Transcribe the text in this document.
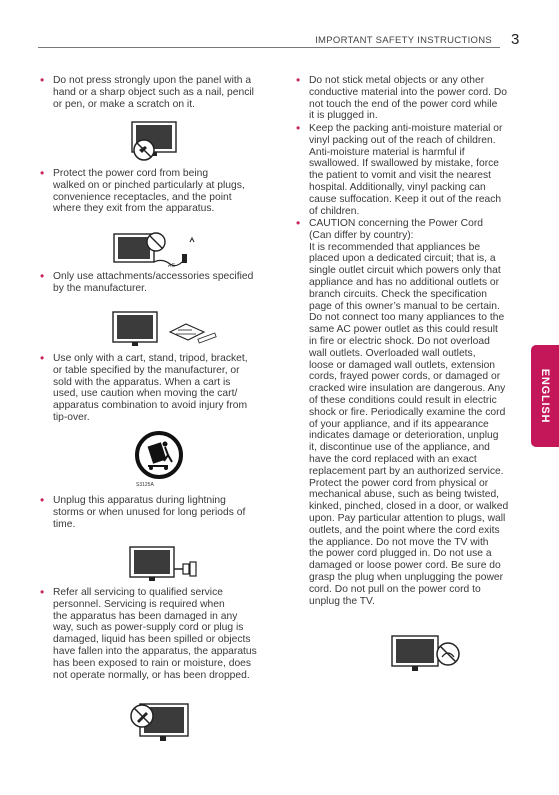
IMPORTANT SAFETY INSTRUCTIONS 3
ENGLISH
• Do not press strongly upon the panel with a
hand or a sharp object such as a nail, pencil
or pen, or make a scratch on it.
• Protect the power cord from being
walked on or pinched particularly at plugs,
convenience receptacles, and the point
where they exit from the apparatus.
AC
• Only use attachments/accessories specified
by the manufacturer.
• Use only with a cart, stand, tripod, bracket,
or table specified by the manufacturer, or
sold with the apparatus. When a cart is
used, use caution when moving the cart/
apparatus combination to avoid injury from
tip-over.
S3125A
• Unplug this apparatus during lightning
storms or when unused for long periods of
time.
• Refer all servicing to qualified service
personnel. Servicing is required when
the apparatus has been damaged in any
way, such as power-supply cord or plug is
damaged, liquid has been spilled or objects
have fallen into the apparatus, the apparatus
has been exposed to rain or moisture, does
not operate normally, or has been dropped.
• Do not stick metal objects or any other
conductive material into the power cord. Do
not touch the end of the power cord while
it is plugged in.
• Keep the packing anti-moisture material or
vinyl packing out of the reach of children.
Anti-moisture material is harmful if
swallowed. If swallowed by mistake, force
the patient to vomit and visit the nearest
hospital. Additionally, vinyl packing can
cause suffocation. Keep it out of the reach
of children.
• CAUTION concerning the Power Cord
(Can differ by country):
It is recommended that appliances be
placed upon a dedicated circuit; that is, a
single outlet circuit which powers only that
appliance and has no additional outlets or
branch circuits. Check the specification
page of this owner’s manual to be certain.
Do not connect too many appliances to the
same AC power outlet as this could result
in fire or electric shock. Do not overload
wall outlets. Overloaded wall outlets,
loose or damaged wall outlets, extension
cords, frayed power cords, or damaged or
cracked wire insulation are dangerous. Any
of these conditions could result in electric
shock or fire. Periodically examine the cord
of your appliance, and if its appearance
indicates damage or deterioration, unplug
it, discontinue use of the appliance, and
have the cord replaced with an exact
replacement part by an authorized service.
Protect the power cord from physical or
mechanical abuse, such as being twisted,
kinked, pinched, closed in a door, or walked
upon. Pay particular attention to plugs, wall
outlets, and the point where the cord exits
the appliance. Do not move the TV with
the power cord plugged in. Do not use a
damaged or loose power cord. Be sure do
grasp the plug when unplugging the power
cord. Do not pull on the power cord to
unplug the TV.
